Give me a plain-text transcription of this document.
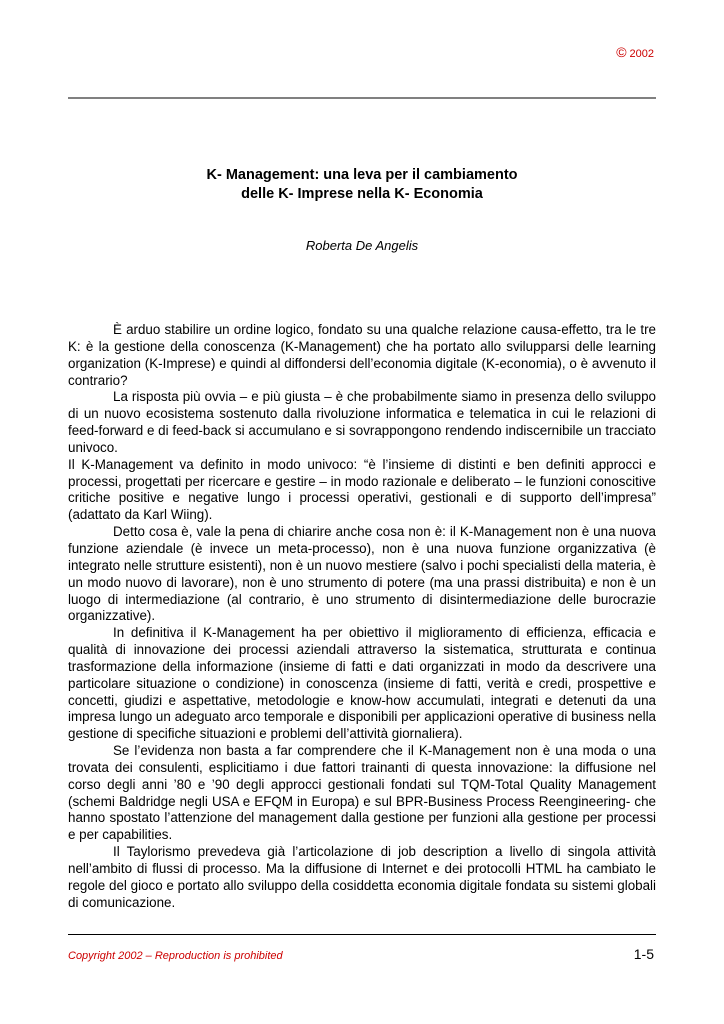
© 2002
K- Management: una leva per il cambiamento
delle K- Imprese nella K- Economia
Roberta De Angelis

È arduo stabilire un ordine logico, fondato su una qualche relazione causa-effetto, tra le tre K: è la gestione della conoscenza (K-Management) che ha portato allo svilupparsi delle learning organization (K-Imprese) e quindi al diffondersi dell’economia digitale (K-economia), o è avvenuto il contrario?

La risposta più ovvia – e più giusta – è che probabilmente siamo in presenza dello sviluppo di un nuovo ecosistema sostenuto dalla rivoluzione informatica e telematica in cui le relazioni di feed-forward e di feed-back si accumulano e si sovrappongono rendendo indiscernibile un tracciato univoco.

Il K-Management va definito in modo univoco: “è l’insieme di distinti e ben definiti approcci e processi, progettati per ricercare e gestire – in modo razionale e deliberato – le funzioni conoscitive critiche positive e negative lungo i processi operativi, gestionali e di supporto dell’impresa” (adattato da Karl Wiing).

Detto cosa è, vale la pena di chiarire anche cosa non è: il K-Management non è una nuova funzione aziendale (è invece un meta-processo), non è una nuova funzione organizzativa (è integrato nelle strutture esistenti), non è un nuovo mestiere (salvo i pochi specialisti della materia, è un modo nuovo di lavorare), non è uno strumento di potere (ma una prassi distribuita) e non è un luogo di intermediazione (al contrario, è uno strumento di disintermediazione delle burocrazie organizzative).

In definitiva il K-Management ha per obiettivo il miglioramento di efficienza, efficacia e qualità di innovazione dei processi aziendali attraverso la sistematica, strutturata e continua trasformazione della informazione (insieme di fatti e dati organizzati in modo da descrivere una particolare situazione o condizione) in conoscenza (insieme di fatti, verità e credi, prospettive e concetti, giudizi e aspettative, metodologie e know-how accumulati, integrati e detenuti da una impresa lungo un adeguato arco temporale e disponibili per applicazioni operative di business nella gestione di specifiche situazioni e problemi dell’attività giornaliera).

Se l’evidenza non basta a far comprendere che il K-Management non è una moda o una trovata dei consulenti, esplicitiamo i due fattori trainanti di questa innovazione: la diffusione nel corso degli anni ’80 e ’90 degli approcci gestionali fondati sul TQM-Total Quality Management (schemi Baldridge negli USA e EFQM in Europa) e sul BPR-Business Process Reengineering- che hanno spostato l’attenzione del management dalla gestione per funzioni alla gestione per processi e per capabilities.

Il Taylorismo prevedeva già l’articolazione di job description a livello di singola attività nell’ambito di flussi di processo. Ma la diffusione di Internet e dei protocolli HTML ha cambiato le regole del gioco e portato allo sviluppo della cosiddetta economia digitale fondata su sistemi globali di comunicazione.

Copyright 2002 – Reproduction is prohibited	1-5
